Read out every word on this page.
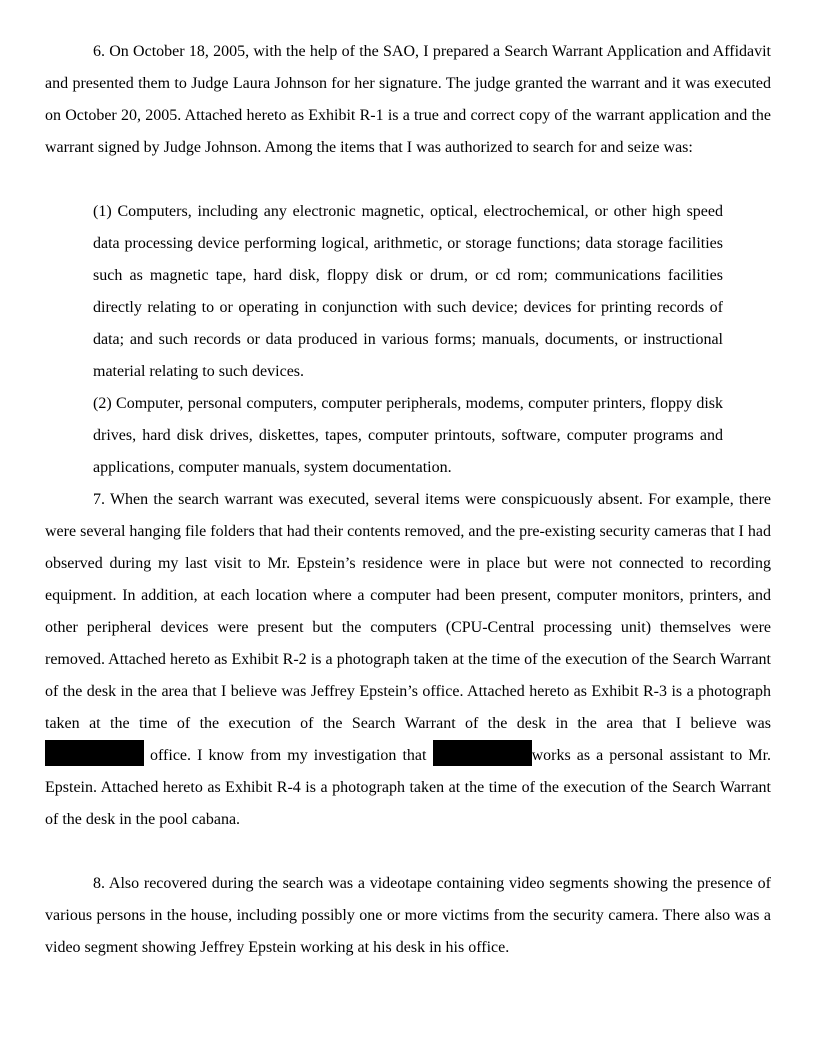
6. On October 18, 2005, with the help of the SAO, I prepared a Search Warrant Application and Affidavit and presented them to Judge Laura Johnson for her signature. The judge granted the warrant and it was executed on October 20, 2005. Attached hereto as Exhibit R-1 is a true and correct copy of the warrant application and the warrant signed by Judge Johnson. Among the items that I was authorized to search for and seize was:

(1) Computers, including any electronic magnetic, optical, electrochemical, or other high speed data processing device performing logical, arithmetic, or storage functions; data storage facilities such as magnetic tape, hard disk, floppy disk or drum, or cd rom; communications facilities directly relating to or operating in conjunction with such device; devices for printing records of data; and such records or data produced in various forms; manuals, documents, or instructional material relating to such devices.

(2) Computer, personal computers, computer peripherals, modems, computer printers, floppy disk drives, hard disk drives, diskettes, tapes, computer printouts, software, computer programs and applications, computer manuals, system documentation.

7. When the search warrant was executed, several items were conspicuously absent. For example, there were several hanging file folders that had their contents removed, and the pre-existing security cameras that I had observed during my last visit to Mr. Epstein’s residence were in place but were not connected to recording equipment. In addition, at each location where a computer had been present, computer monitors, printers, and other peripheral devices were present but the computers (CPU-Central processing unit) themselves were removed. Attached hereto as Exhibit R-2 is a photograph taken at the time of the execution of the Search Warrant of the desk in the area that I believe was Jeffrey Epstein’s office. Attached hereto as Exhibit R-3 is a photograph taken at the time of the execution of the Search Warrant of the desk in the area that I believe was office. I know from my investigation that	works as a personal assistant to Mr. Epstein. Attached hereto as Exhibit R-4 is a photograph taken at the time of the execution of the Search Warrant of the desk in the pool cabana.

8. Also recovered during the search was a videotape containing video segments showing the presence of various persons in the house, including possibly one or more victims from the security camera. There also was a video segment showing Jeffrey Epstein working at his desk in his office.
